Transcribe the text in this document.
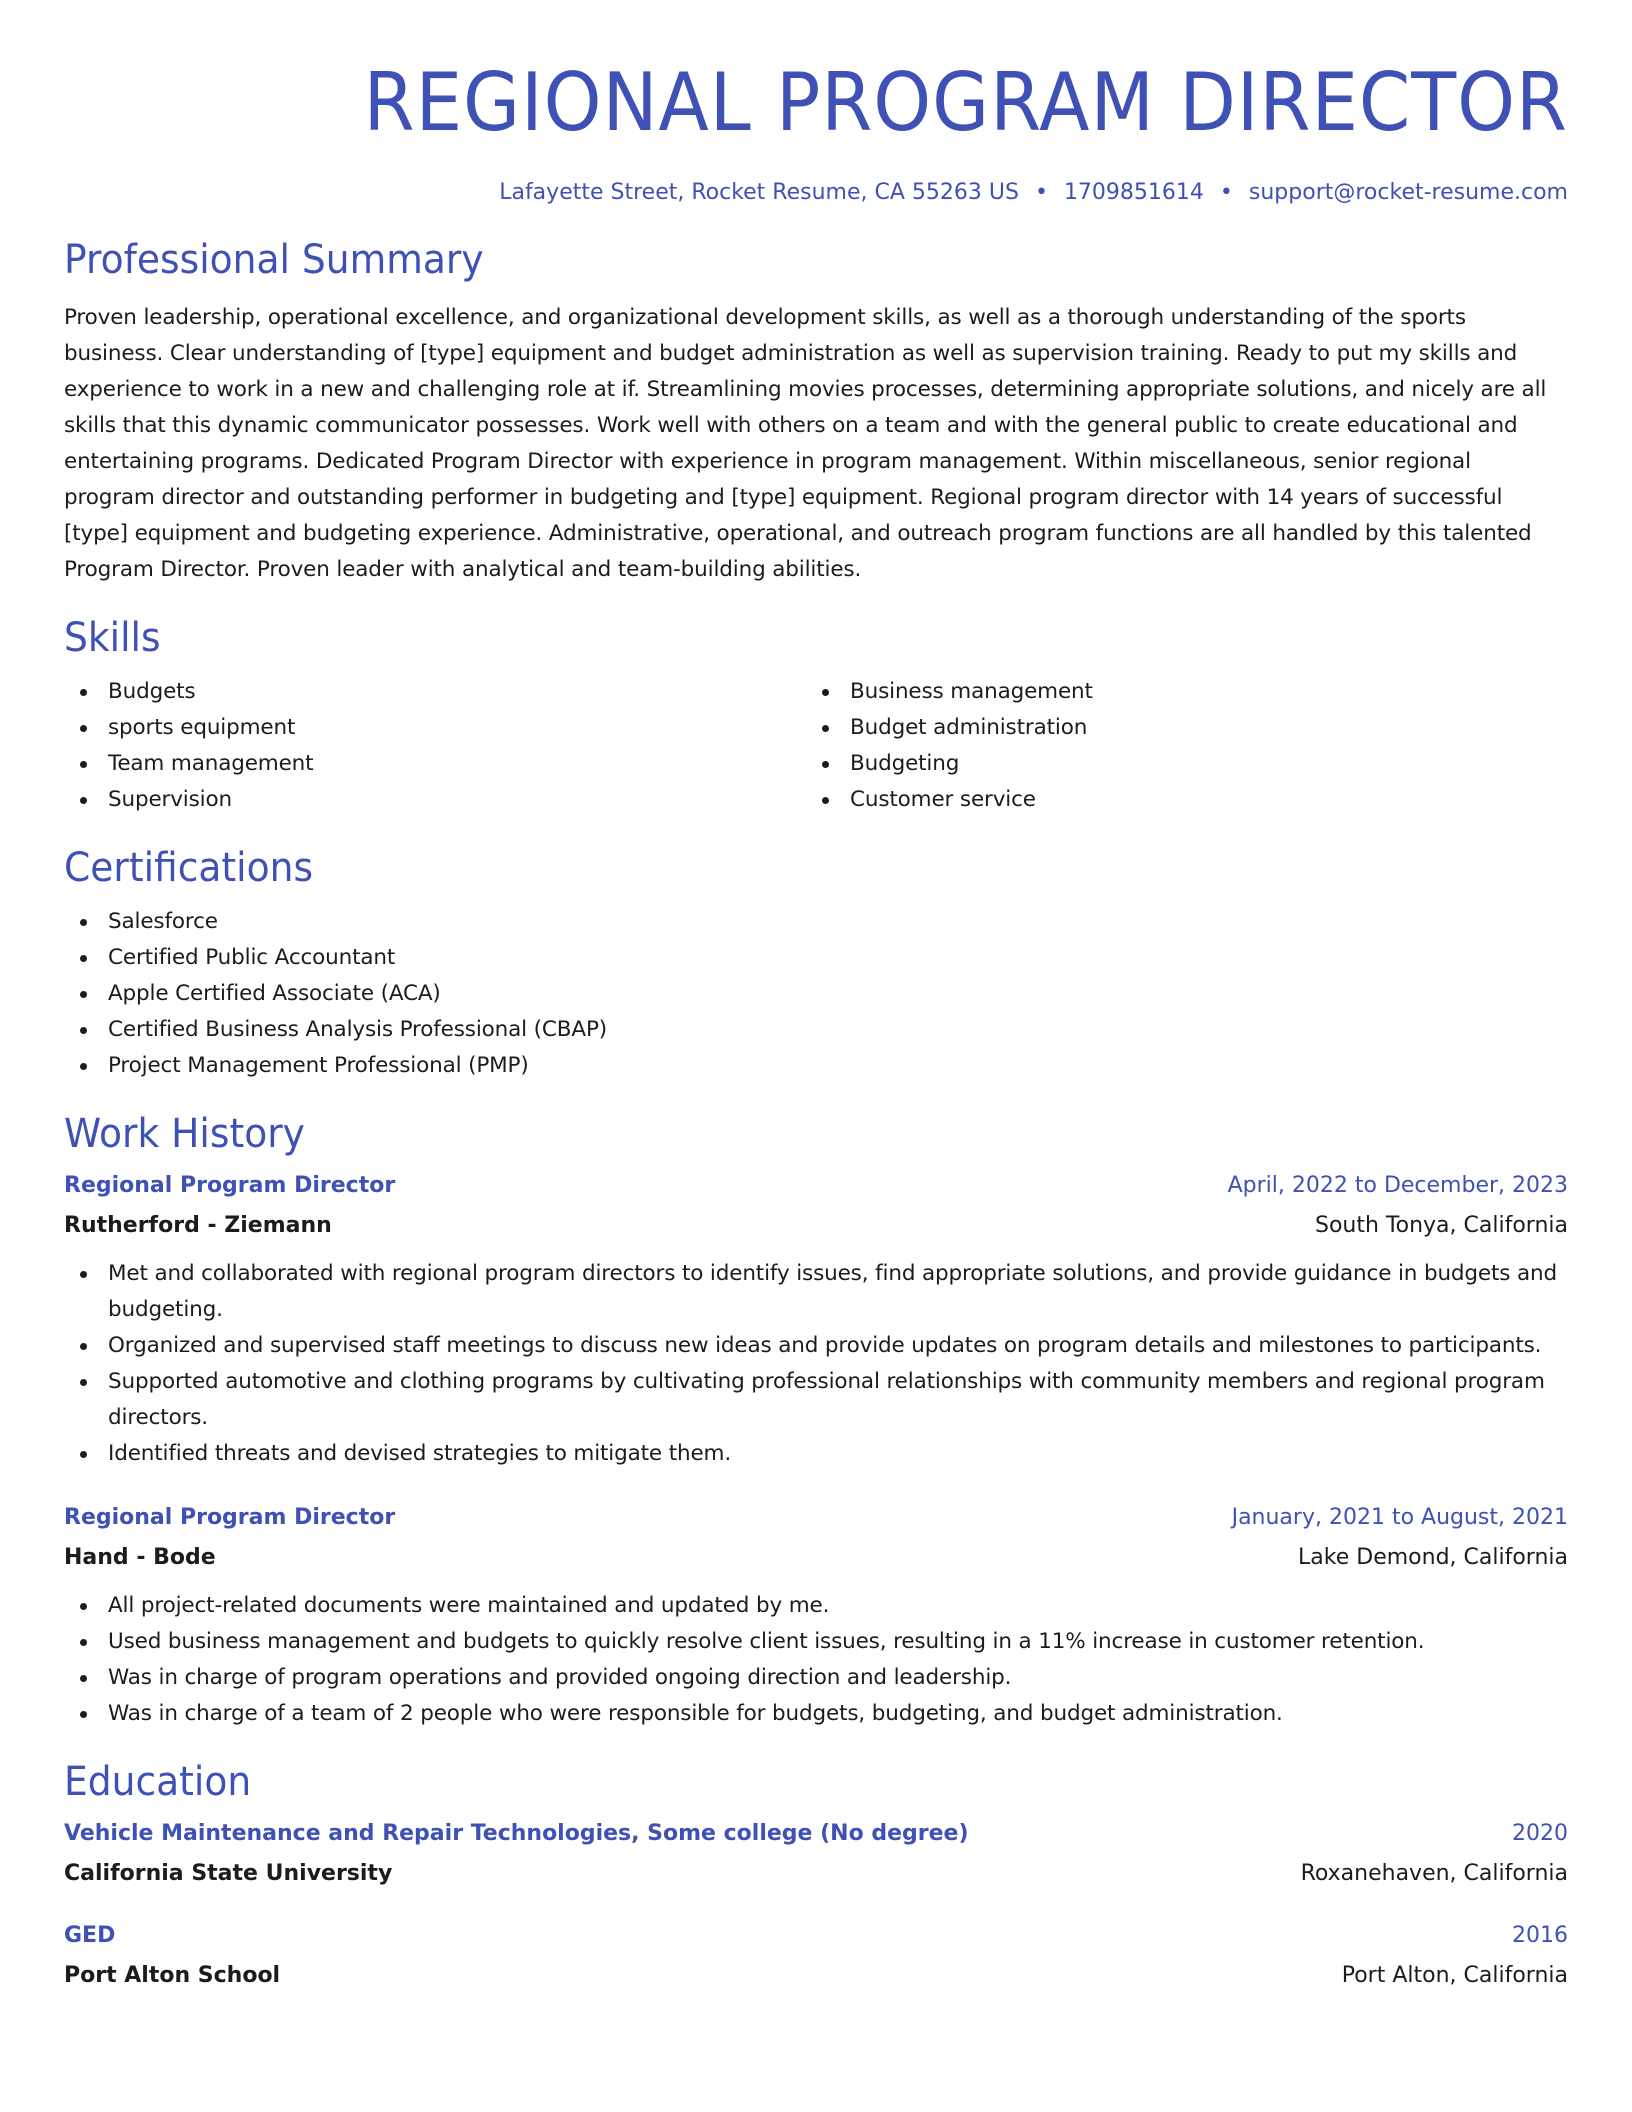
REGIONAL PROGRAM DIRECTOR
Lafayette Street, Rocket Resume, CA 55263 US • 1709851614 • support@rocket-resume.com
Professional Summary
Proven leadership, operational excellence, and organizational development skills, as well as a thorough understanding of the sports business. Clear understanding of [type] equipment and budget administration as well as supervision training. Ready to put my skills and experience to work in a new and challenging role at if. Streamlining movies processes, determining appropriate solutions, and nicely are all skills that this dynamic communicator possesses. Work well with others on a team and with the general public to create educational and entertaining programs. Dedicated Program Director with experience in program management. Within miscellaneous, senior regional program director and outstanding performer in budgeting and [type] equipment. Regional program director with 14 years of successful [type] equipment and budgeting experience. Administrative, operational, and outreach program functions are all handled by this talented Program Director. Proven leader with analytical and team-building abilities.
Skills
Budgets
sports equipment
Team management
Supervision
Business management
Budget administration
Budgeting
Customer service
Certifications
Salesforce
Certified Public Accountant
Apple Certified Associate (ACA)
Certified Business Analysis Professional (CBAP)
Project Management Professional (PMP)
Work History
Regional Program Director	April, 2022 to December, 2023
Rutherford - Ziemann	South Tonya, California
Met and collaborated with regional program directors to identify issues, find appropriate solutions, and provide guidance in budgets and budgeting.
Organized and supervised staff meetings to discuss new ideas and provide updates on program details and milestones to participants.
Supported automotive and clothing programs by cultivating professional relationships with community members and regional program directors.
Identified threats and devised strategies to mitigate them.
Regional Program Director	January, 2021 to August, 2021
Hand - Bode	Lake Demond, California
All project-related documents were maintained and updated by me.
Used business management and budgets to quickly resolve client issues, resulting in a 11% increase in customer retention.
Was in charge of program operations and provided ongoing direction and leadership.
Was in charge of a team of 2 people who were responsible for budgets, budgeting, and budget administration.
Education
Vehicle Maintenance and Repair Technologies, Some college (No degree)	2020
California State University	Roxanehaven, California
GED	2016
Port Alton School	Port Alton, California
